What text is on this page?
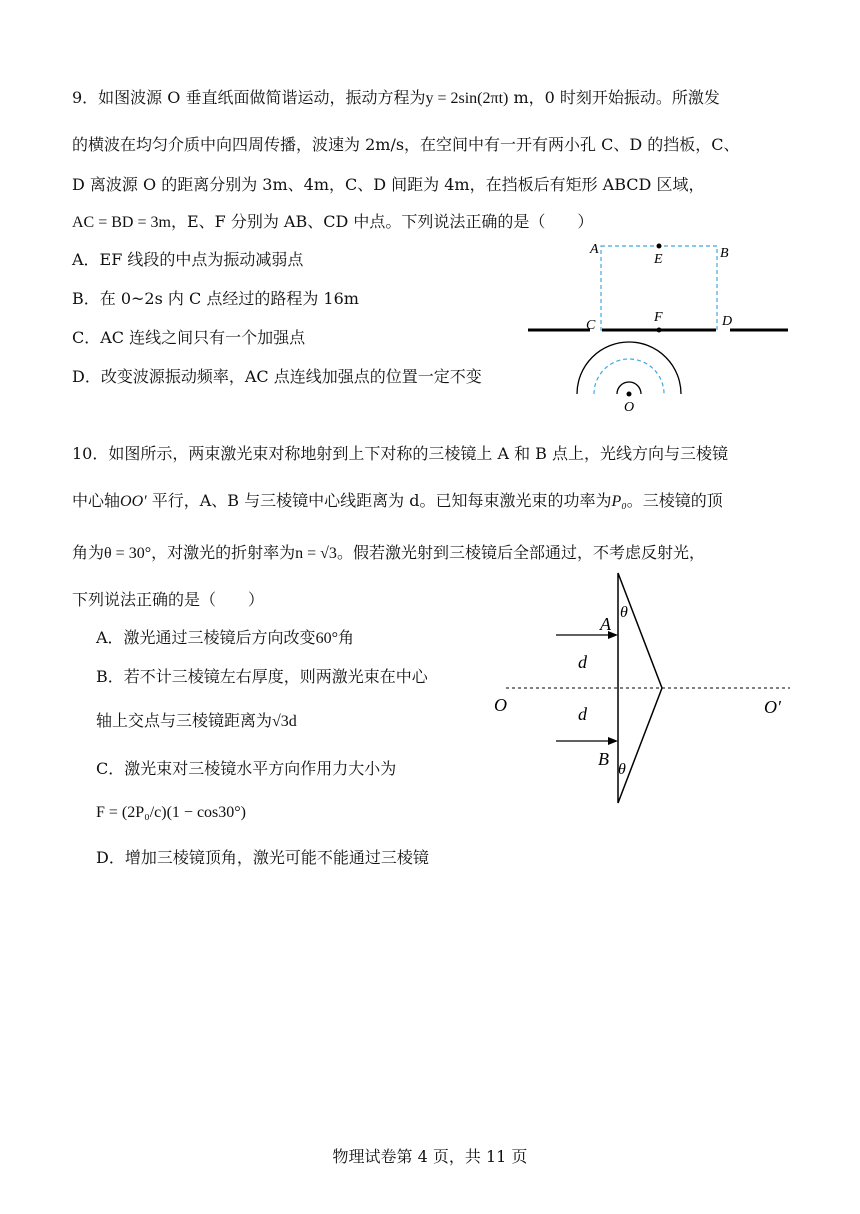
9．如图波源 O 垂直纸面做简谐运动，振动方程为y = 2sin(2πt) m，0 时刻开始振动。所激发
的横波在均匀介质中向四周传播，波速为 2m/s，在空间中有一开有两小孔 C、D 的挡板，C、
D 离波源 O 的距离分别为 3m、4m，C、D 间距为 4m，在挡板后有矩形 ABCD 区域，
AC = BD = 3m，E、F 分别为 AB、CD 中点。下列说法正确的是（　　）
A．EF 线段的中点为振动减弱点
B．在 0~2s 内 C 点经过的路程为 16m
C．AC 连线之间只有一个加强点
D．改变波源振动频率，AC 点连线加强点的位置一定不变
A	B
E
C
F	D
O
10．如图所示，两束激光束对称地射到上下对称的三棱镜上 A 和 B 点上，光线方向与三棱镜
中心轴OO′ 平行，A、B 与三棱镜中心线距离为 d。已知每束激光束的功率为P₀。三棱镜的顶
角为θ = 30°，对激光的折射率为n = √3。假若激光射到三棱镜后全部通过，不考虑反射光，
下列说法正确的是（　　）
A．激光通过三棱镜后方向改变60°角
B．若不计三棱镜左右厚度，则两激光束在中心
轴上交点与三棱镜距离为√3d
C．激光束对三棱镜水平方向作用力大小为
F = (2P₀/c)(1 − cos30°)
D．增加三棱镜顶角，激光可能不能通过三棱镜
A
θ
d
O	O′
d
B
θ
物理试卷第 4 页，共 11 页
